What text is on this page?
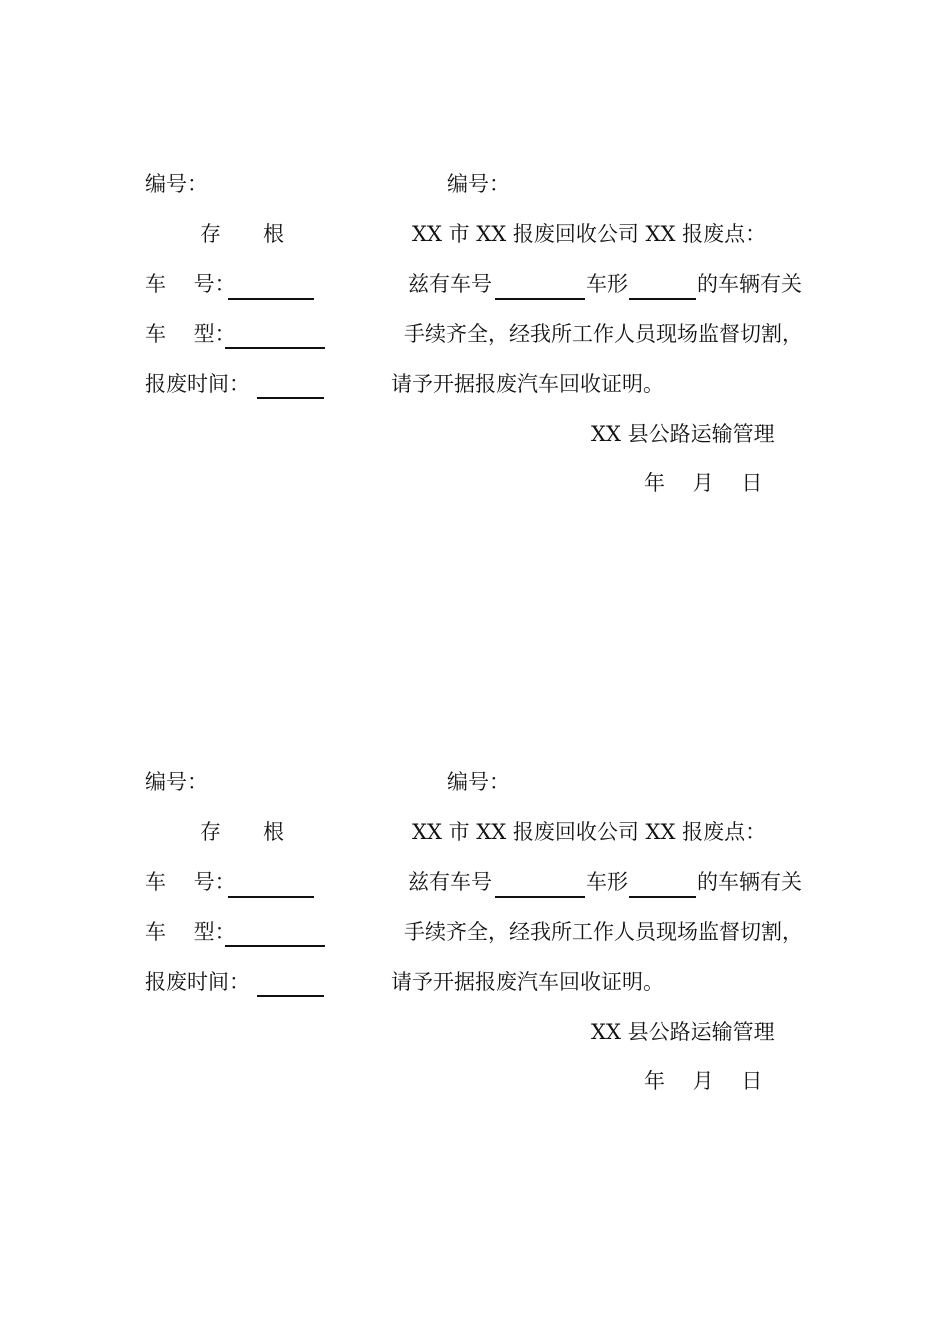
编号：
存　　根
车　 号：
车　 型：
报废时间：
编号：
XX 市 XX 报废回收公司 XX 报废点：
兹有车号	车形	的车辆有关
手续齐全，经我所工作人员现场监督切割，
请予开据报废汽车回收证明。
XX 县公路运输管理
年　 月　 日
编号：
存　　根
车　 号：
车　 型：
报废时间：
编号：
XX 市 XX 报废回收公司 XX 报废点：
兹有车号	车形	的车辆有关
手续齐全，经我所工作人员现场监督切割，
请予开据报废汽车回收证明。
XX 县公路运输管理
年　 月　 日
